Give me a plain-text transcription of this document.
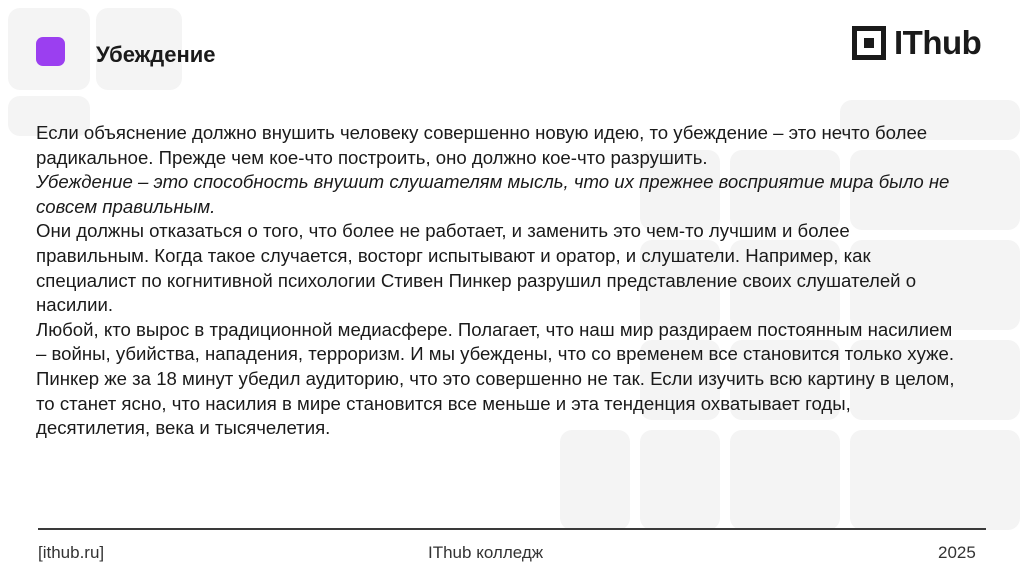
Убеждение	IThub

Если объяснение должно внушить человеку совершенно новую идею, то убеждение – это нечто более радикальное. Прежде чем кое-что построить, оно должно кое-что разрушить.

Убеждение – это способность внушит слушателям мысль, что их прежнее восприятие мира было не совсем правильным.

Они должны отказаться о того, что более не работает, и заменить это чем-то лучшим и более правильным. Когда такое случается, восторг испытывают и оратор, и слушатели. Например, как специалист по когнитивной психологии Стивен Пинкер разрушил представление своих слушателей о насилии.

Любой, кто вырос в традиционной медиасфере. Полагает, что наш мир раздираем постоянным насилием – войны, убийства, нападения, терроризм. И мы убеждены, что со временем все становится только хуже. Пинкер же за 18 минут убедил аудиторию, что это совершенно не так. Если изучить всю картину в целом, то станет ясно, что насилия в мире становится все меньше и эта тенденция охватывает годы, десятилетия, века и тысячелетия.

[ithub.ru]	IThub колледж	2025
